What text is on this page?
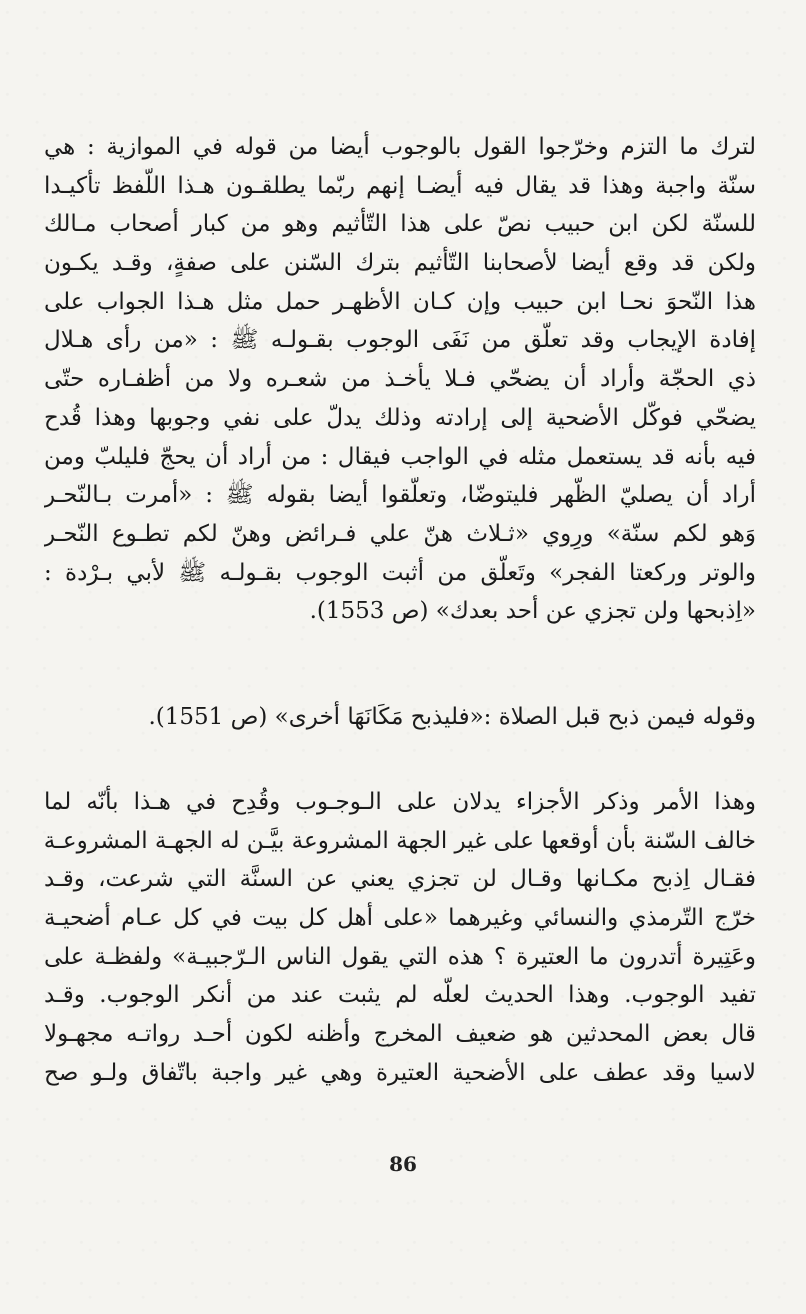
لترك ما التزم وخرّجوا القول بالوجوب أيضا من قوله في الموازية : هي
سنّة واجبة وهذا قد يقال فيه أيضـا إنهم ربّما يطلقـون هـذا اللّفظ تأكيـدا
للسنّة لكن ابن حبيب نصّ على هذا التّأثيم وهو من كبار أصحاب مـالك
ولكن قد وقع أيضا لأصحابنا التّأثيم بترك السّنن على صفةٍ، وقـد يكـون
هذا النّحوَ نحـا ابن حبيب وإن كـان الأظهـر حمل مثل هـذا الجواب على
إفادة الإيجاب وقد تعلّق من نَفَى الوجوب بقـولـه ﷺ : «من رأى هـلال
ذي الحجّة وأراد أن يضحّي فـلا يأخـذ من شعـره ولا من أظفـاره حتّى
يضحّي فوكّل الأضحية إلى إرادته وذلك يدلّ على نفي وجوبها وهذا قُدح
فيه بأنه قد يستعمل مثله في الواجب فيقال : من أراد أن يحجّ فليلبّ ومن
أراد أن يصليّ الظّهر فليتوضّا، وتعلّقوا أيضا بقوله ﷺ : «أمرت بـالنّحـر
وَهو لكم سنّة» ورِوي «ثـلاث هنّ علي فـرائض وهنّ لكم تطـوع النّحـر
والوتر وركعتا الفجر» وتَعلّق من أثبت الوجوب بقـولـه ﷺ لأبي بـرْدة :
«اِذبحها ولن تجزي عن أحد بعدك» (ص 1553).
وقوله فيمن ذبح قبل الصلاة :«فليذبح مَكَانَهَا أخرى» (ص 1551).
وهذا الأمر وذكر الأجزاء يدلان على الـوجـوب وقُدِح في هـذا بأنّه لما
خالف السّنة بأن أوقعها على غير الجهة المشروعة بيَّـن له الجهـة المشروعـة
فقـال اِذبح مكـانها وقـال لن تجزي يعني عن السنَّة التي شرعت، وقـد
خرّج التّرمذي والنسائي وغيرهما «على أهل كل بيت في كل عـام أضحيـة
وعَتِيرة أتدرون ما العتيرة ؟ هذه التي يقول الناس الـرّجبيـة» ولفظـة على
تفيد الوجوب. وهذا الحديث لعلّه لم يثبت عند من أنكر الوجوب. وقـد
قال بعض المحدثين هو ضعيف المخرج وأظنه لكون أحـد رواتـه مجهـولا
لاسيا وقد عطف على الأضحية العتيرة وهي غير واجبة باتّفاق ولـو صح
86
